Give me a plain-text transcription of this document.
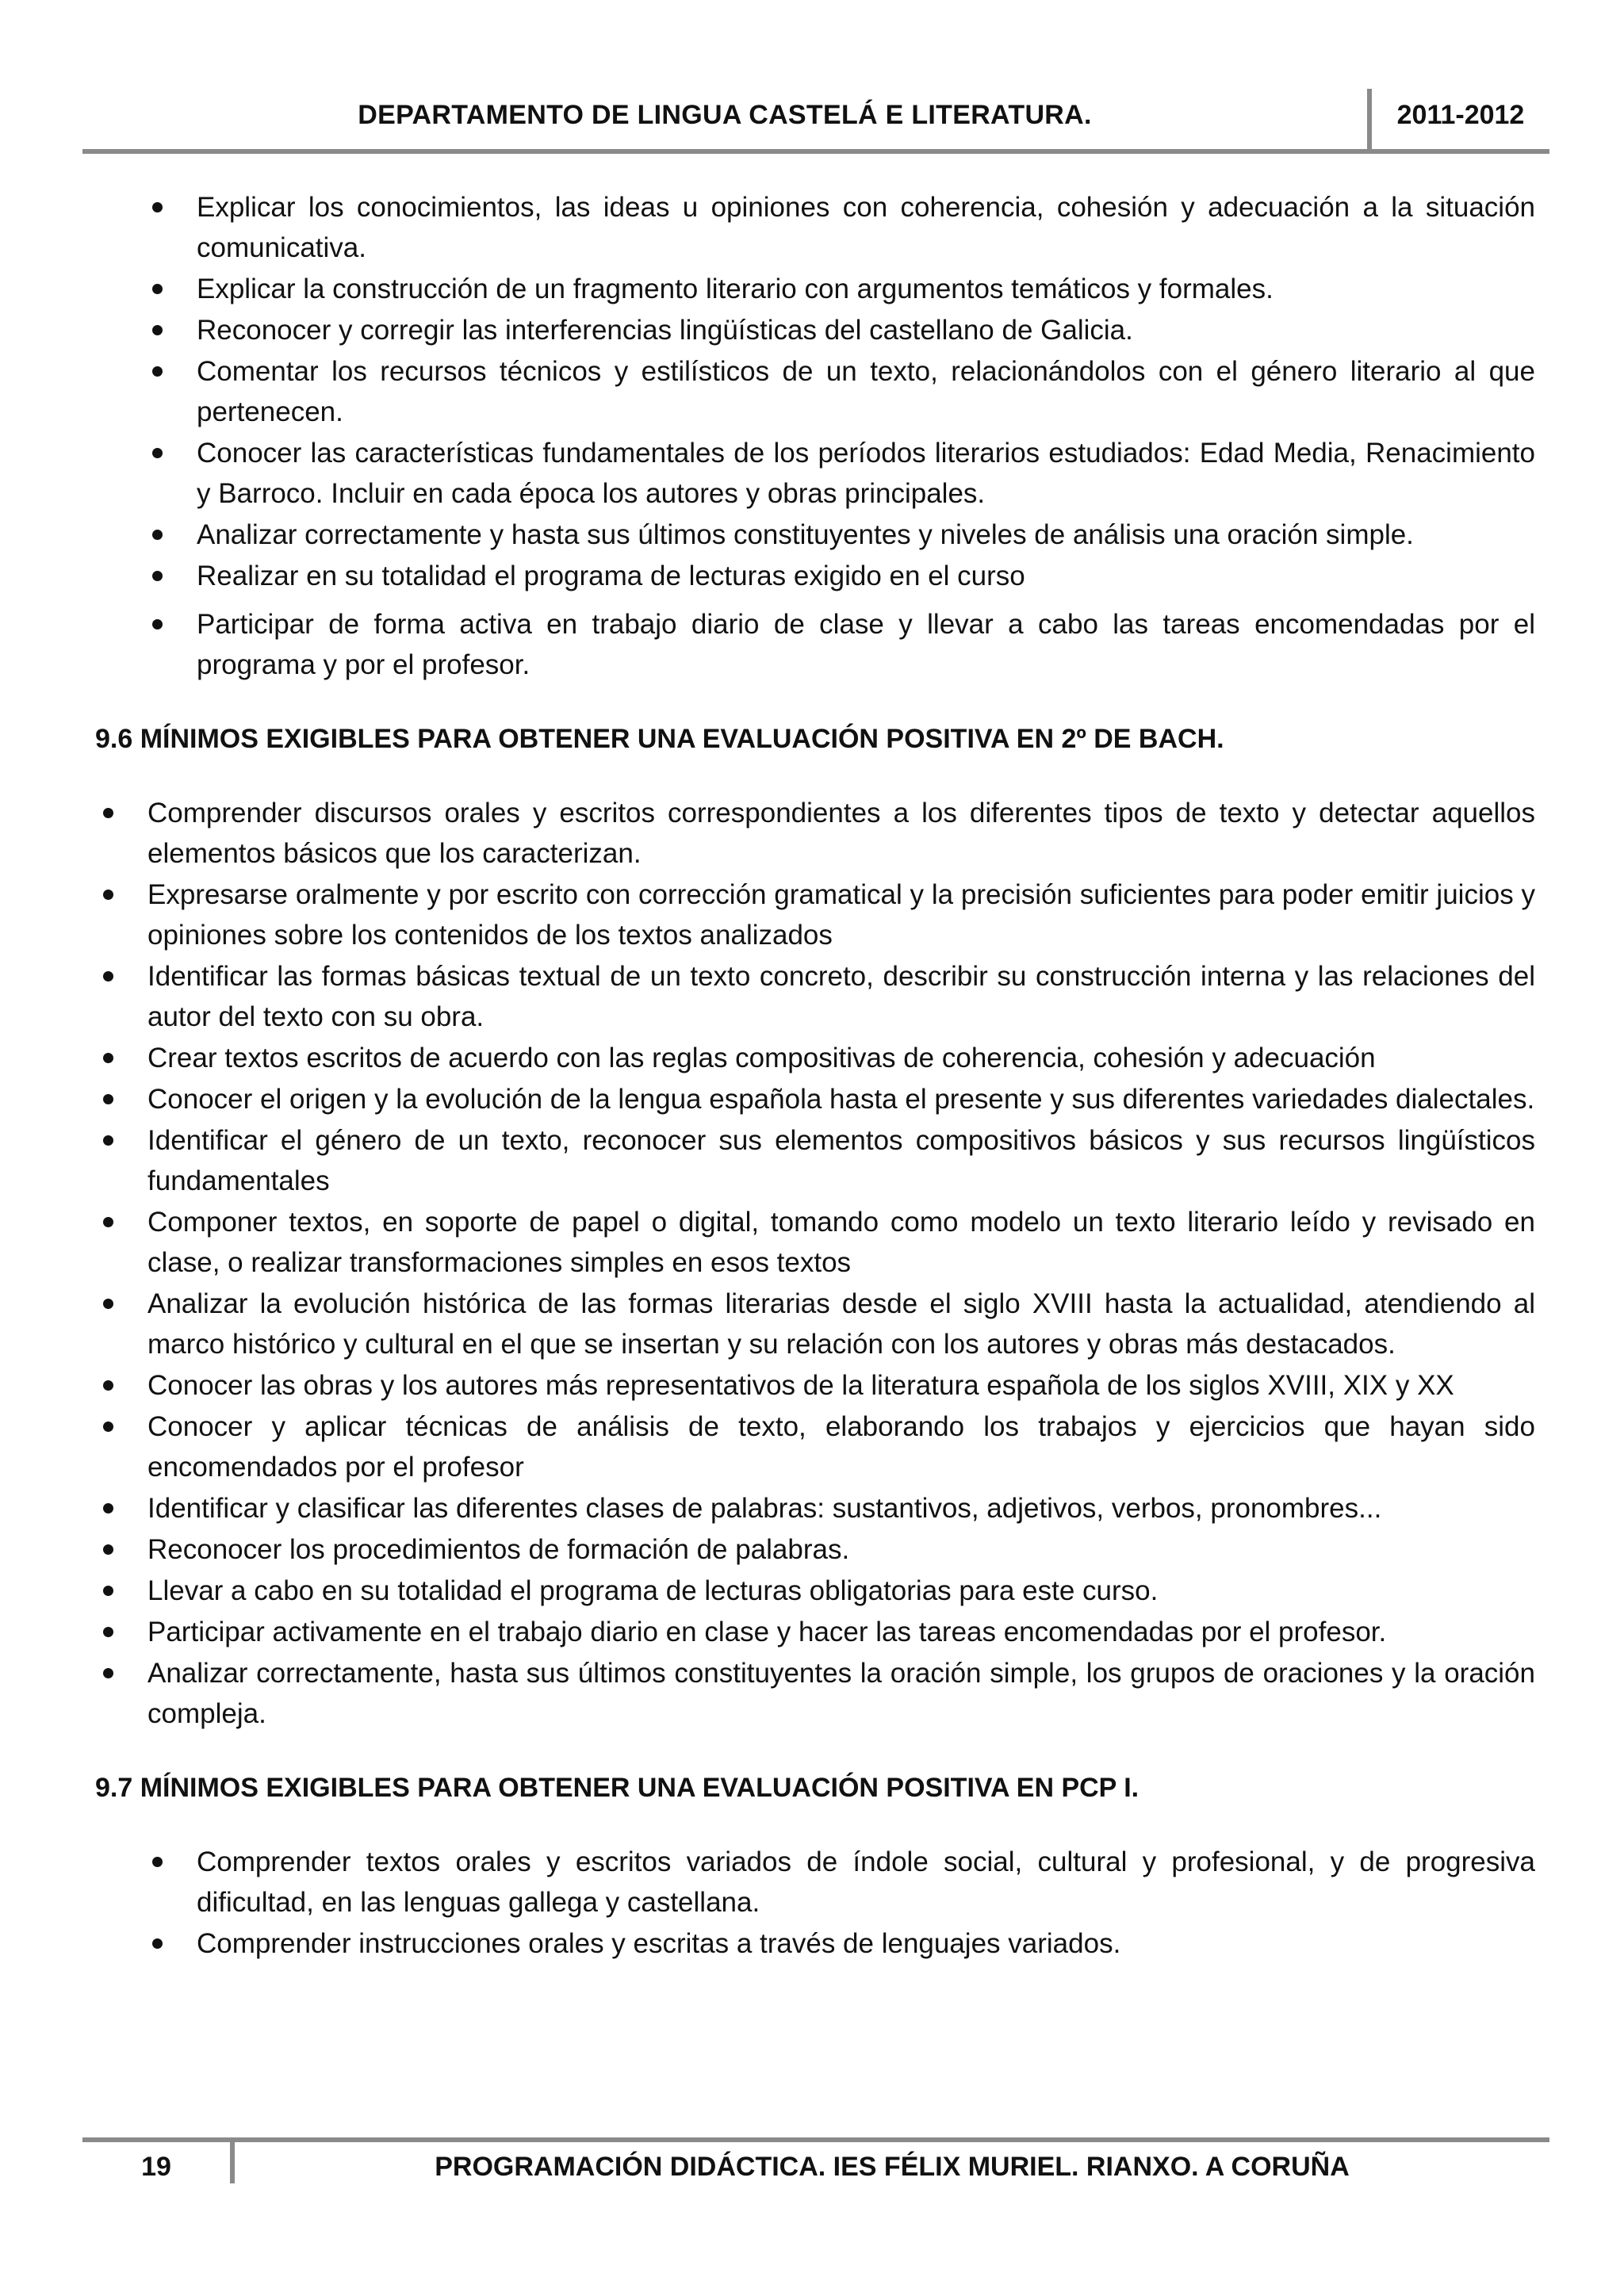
DEPARTAMENTO DE LINGUA CASTELÁ E LITERATURA.	2011-2012
Explicar los conocimientos, las ideas u opiniones con coherencia, cohesión y adecuación a la situación comunicativa.
Explicar la construcción de un fragmento literario con argumentos temáticos y formales.
Reconocer y corregir las interferencias lingüísticas del castellano de Galicia.
Comentar los recursos técnicos y estilísticos de un texto, relacionándolos con el género literario al que pertenecen.
Conocer las características fundamentales de los períodos literarios estudiados: Edad Media, Renacimiento y Barroco. Incluir en cada época los autores y obras principales.
Analizar correctamente y hasta sus últimos constituyentes y niveles de análisis una oración simple.
Realizar en su totalidad el programa de lecturas exigido en el curso
Participar de forma activa en trabajo diario de clase y llevar a cabo las tareas encomendadas por el programa y por el profesor.
9.6 MÍNIMOS EXIGIBLES PARA OBTENER UNA EVALUACIÓN POSITIVA EN 2º DE BACH.
Comprender discursos orales y escritos correspondientes a los diferentes tipos de texto y detectar aquellos elementos básicos que los caracterizan.
Expresarse oralmente y por escrito con corrección gramatical y la precisión suficientes para poder emitir juicios y opiniones sobre los contenidos de los textos analizados
Identificar las formas básicas textual de un texto concreto, describir su construcción interna y las relaciones del autor del texto con su obra.
Crear textos escritos de acuerdo con las reglas compositivas de coherencia, cohesión y adecuación
Conocer el origen y la evolución de la lengua española hasta el presente y sus diferentes variedades dialectales.
Identificar el género de un texto, reconocer sus elementos compositivos básicos y sus recursos lingüísticos fundamentales
Componer textos, en soporte de papel o digital, tomando como modelo un texto literario leído y revisado en clase, o realizar transformaciones simples en esos textos
Analizar la evolución histórica de las formas literarias desde el siglo XVIII hasta la actualidad, atendiendo al marco histórico y cultural en el que se insertan y su relación con los autores y obras más destacados.
Conocer las obras y los autores más representativos de la literatura española de los siglos XVIII, XIX y XX
Conocer y aplicar técnicas de análisis de texto, elaborando los trabajos y ejercicios que hayan sido encomendados por el profesor
Identificar y clasificar las diferentes clases de palabras: sustantivos, adjetivos, verbos, pronombres...
Reconocer los procedimientos de formación de palabras.
Llevar a cabo en su totalidad el programa de lecturas obligatorias para este curso.
Participar activamente en el trabajo diario en clase y hacer las tareas encomendadas por el profesor.
Analizar correctamente, hasta sus últimos constituyentes la oración simple, los grupos de oraciones y la oración compleja.
9.7 MÍNIMOS EXIGIBLES PARA OBTENER UNA EVALUACIÓN POSITIVA EN PCP I.
Comprender textos orales y escritos variados de índole social, cultural y profesional, y de progresiva dificultad, en las lenguas gallega y castellana.
Comprender instrucciones orales y escritas a través de lenguajes variados.
19	PROGRAMACIÓN DIDÁCTICA. IES FÉLIX MURIEL. RIANXO. A CORUÑA
